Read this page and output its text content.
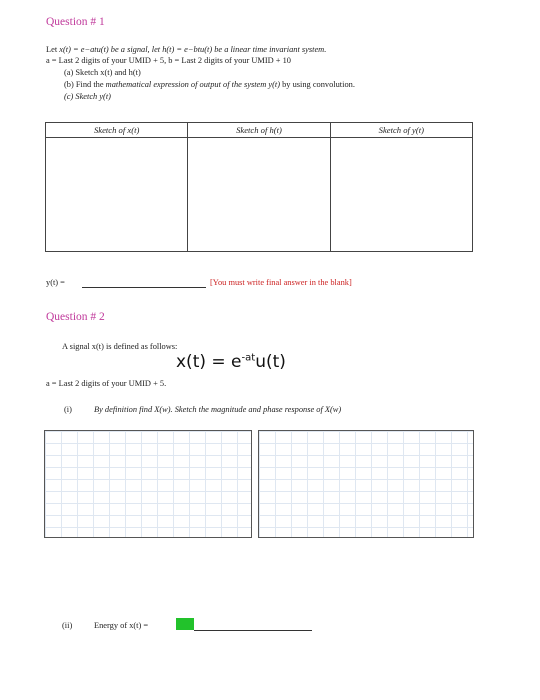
Question # 1
Let x(t) = e−atu(t) be a signal, let h(t) = e−btu(t) be a linear time invariant system.
a = Last 2 digits of your UMID + 5, b = Last 2 digits of your UMID + 10
(a) Sketch x(t) and h(t)
(b) Find the mathematical expression of output of the system y(t) by using convolution.
(c) Sketch y(t)
Sketch of x(t)	Sketch of h(t)	Sketch of y(t)
y(t) =	[You must write final answer in the blank]
Question # 2
A signal x(t) is defined as follows:
$x(t) = e^{-at}u(t)$
a = Last 2 digits of your UMID + 5.
(i)	By definition find X(w). Sketch the magnitude and phase response of X(w)
(ii)	Energy of x(t) =
